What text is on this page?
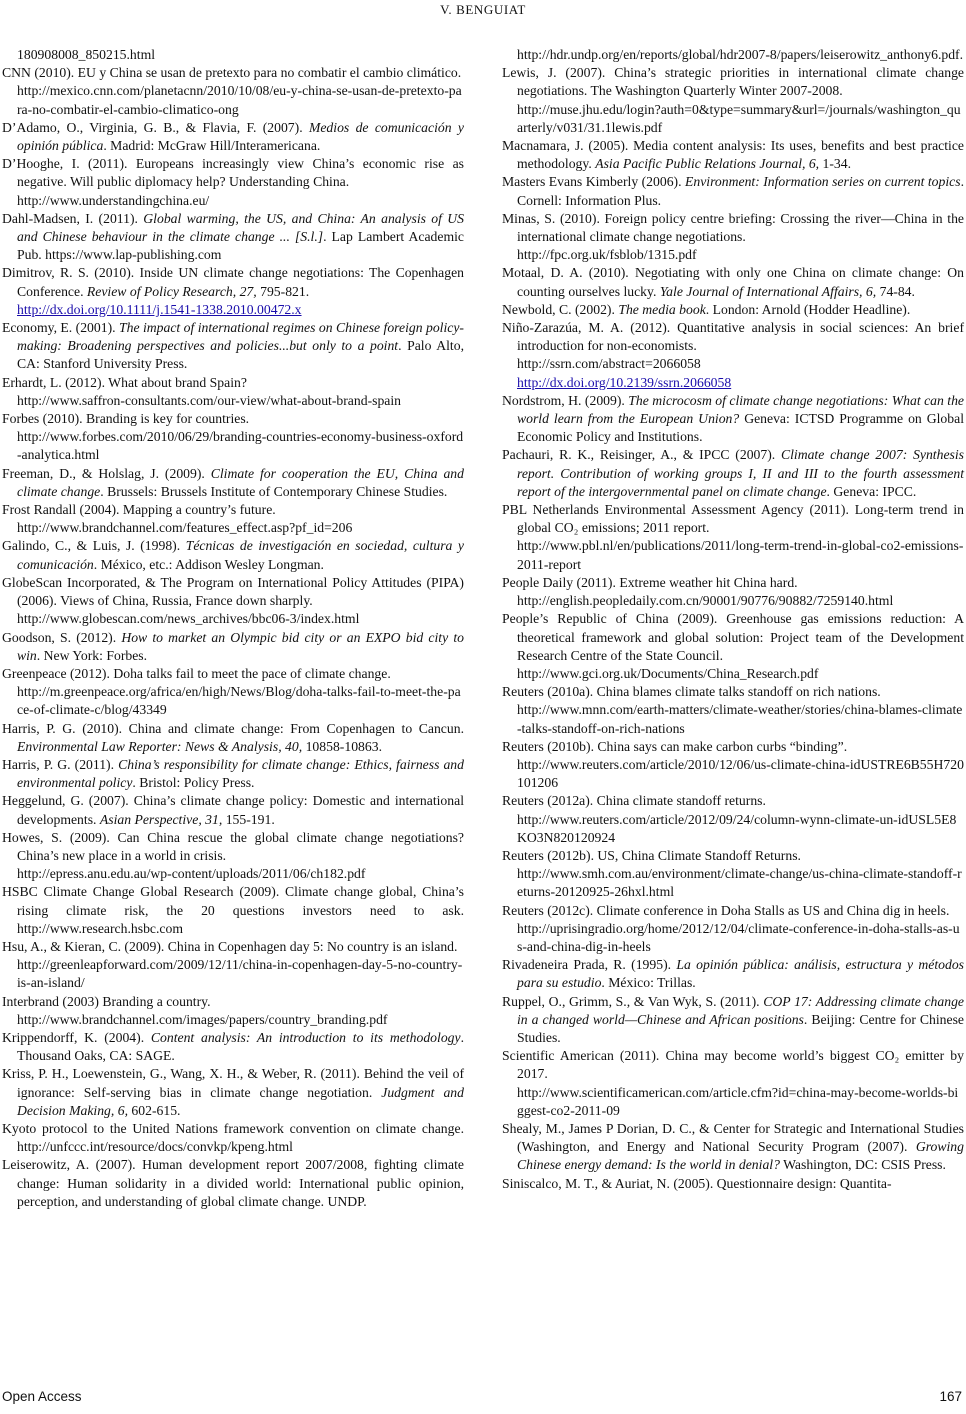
V. BENGUIAT

180908008_850215.html

CNN (2010). EU y China se usan de pretexto para no combatir el cambio climático.
http://mexico.cnn.com/planetacnn/2010/10/08/eu-y-china-se-usan-de-pretexto-para-no-combatir-el-cambio-climatico-ong

D’Adamo, O., Virginia, G. B., & Flavia, F. (2007). Medios de comunicación y opinión pública. Madrid: McGraw Hill/Interamericana.

D’Hooghe, I. (2011). Europeans increasingly view China’s economic rise as negative. Will public diplomacy help? Understanding China.
http://www.understandingchina.eu/

Dahl-Madsen, I. (2011). Global warming, the US, and China: An analysis of US and Chinese behaviour in the climate change ... [S.l.]. Lap Lambert Academic Pub. https://www.lap-publishing.com

Dimitrov, R. S. (2010). Inside UN climate change negotiations: The Copenhagen Conference. Review of Policy Research, 27, 795-821.
http://dx.doi.org/10.1111/j.1541-1338.2010.00472.x

Economy, E. (2001). The impact of international regimes on Chinese foreign policy-making: Broadening perspectives and policies...but only to a point. Palo Alto, CA: Stanford University Press.

Erhardt, L. (2012). What about brand Spain?
http://www.saffron-consultants.com/our-view/what-about-brand-spain

Forbes (2010). Branding is key for countries.
http://www.forbes.com/2010/06/29/branding-countries-economy-business-oxford-analytica.html

Freeman, D., & Holslag, J. (2009). Climate for cooperation the EU, China and climate change. Brussels: Brussels Institute of Contemporary Chinese Studies.

Frost Randall (2004). Mapping a country’s future.
http://www.brandchannel.com/features_effect.asp?pf_id=206

Galindo, C., & Luis, J. (1998). Técnicas de investigación en sociedad, cultura y comunicación. México, etc.: Addison Wesley Longman.

GlobeScan Incorporated, & The Program on International Policy Attitudes (PIPA) (2006). Views of China, Russia, France down sharply.
http://www.globescan.com/news_archives/bbc06-3/index.html

Goodson, S. (2012). How to market an Olympic bid city or an EXPO bid city to win. New York: Forbes.

Greenpeace (2012). Doha talks fail to meet the pace of climate change.
http://m.greenpeace.org/africa/en/high/News/Blog/doha-talks-fail-to-meet-the-pace-of-climate-c/blog/43349

Harris, P. G. (2010). China and climate change: From Copenhagen to Cancun. Environmental Law Reporter: News & Analysis, 40, 10858-10863.

Harris, P. G. (2011). China’s responsibility for climate change: Ethics, fairness and environmental policy. Bristol: Policy Press.

Heggelund, G. (2007). China’s climate change policy: Domestic and international developments. Asian Perspective, 31, 155-191.

Howes, S. (2009). Can China rescue the global climate change negotiations? China’s new place in a world in crisis.
http://epress.anu.edu.au/wp-content/uploads/2011/06/ch182.pdf

HSBC Climate Change Global Research (2009). Climate change global, China’s rising climate risk, the 20 questions investors need to ask. http://www.research.hsbc.com

Hsu, A., & Kieran, C. (2009). China in Copenhagen day 5: No country is an island.
http://greenleapforward.com/2009/12/11/china-in-copenhagen-day-5-no-country-is-an-island/

Interbrand (2003) Branding a country.
http://www.brandchannel.com/images/papers/country_branding.pdf

Krippendorff, K. (2004). Content analysis: An introduction to its methodology. Thousand Oaks, CA: SAGE.

Kriss, P. H., Loewenstein, G., Wang, X. H., & Weber, R. (2011). Behind the veil of ignorance: Self-serving bias in climate change negotiation. Judgment and Decision Making, 6, 602-615.

Kyoto protocol to the United Nations framework convention on climate change. http://unfccc.int/resource/docs/convkp/kpeng.html

Leiserowitz, A. (2007). Human development report 2007/2008, fighting climate change: Human solidarity in a divided world: International public opinion, perception, and understanding of global climate change. UNDP.

http://hdr.undp.org/en/reports/global/hdr2007-8/papers/leiserowitz_anthony6.pdf.

Lewis, J. (2007). China’s strategic priorities in international climate change negotiations. The Washington Quarterly Winter 2007-2008.
http://muse.jhu.edu/login?auth=0&type=summary&url=/journals/washington_quarterly/v031/31.1lewis.pdf

Macnamara, J. (2005). Media content analysis: Its uses, benefits and best practice methodology. Asia Pacific Public Relations Journal, 6, 1-34.

Masters Evans Kimberly (2006). Environment: Information series on current topics. Cornell: Information Plus.

Minas, S. (2010). Foreign policy centre briefing: Crossing the river—China in the international climate change negotiations.
http://fpc.org.uk/fsblob/1315.pdf

Motaal, D. A. (2010). Negotiating with only one China on climate change: On counting ourselves lucky. Yale Journal of International Affairs, 6, 74-84.

Newbold, C. (2002). The media book. London: Arnold (Hodder Headline).

Niño-Zarazúa, M. A. (2012). Quantitative analysis in social sciences: An brief introduction for non-economists.
http://ssrn.com/abstract=2066058
http://dx.doi.org/10.2139/ssrn.2066058

Nordstrom, H. (2009). The microcosm of climate change negotiations: What can the world learn from the European Union? Geneva: ICTSD Programme on Global Economic Policy and Institutions.

Pachauri, R. K., Reisinger, A., & IPCC (2007). Climate change 2007: Synthesis report. Contribution of working groups I, II and III to the fourth assessment report of the intergovernmental panel on climate change. Geneva: IPCC.

PBL Netherlands Environmental Assessment Agency (2011). Long-term trend in global CO₂ emissions; 2011 report.
http://www.pbl.nl/en/publications/2011/long-term-trend-in-global-co2-emissions-2011-report

People Daily (2011). Extreme weather hit China hard.
http://english.peopledaily.com.cn/90001/90776/90882/7259140.html

People’s Republic of China (2009). Greenhouse gas emissions reduction: A theoretical framework and global solution: Project team of the Development Research Centre of the State Council.
http://www.gci.org.uk/Documents/China_Research.pdf

Reuters (2010a). China blames climate talks standoff on rich nations.
http://www.mnn.com/earth-matters/climate-weather/stories/china-blames-climate-talks-standoff-on-rich-nations

Reuters (2010b). China says can make carbon curbs “binding”.
http://www.reuters.com/article/2010/12/06/us-climate-china-idUSTRE6B55H720101206

Reuters (2012a). China climate standoff returns.
http://www.reuters.com/article/2012/09/24/column-wynn-climate-un-idUSL5E8KO3N820120924

Reuters (2012b). US, China Climate Standoff Returns.
http://www.smh.com.au/environment/climate-change/us-china-climate-standoff-returns-20120925-26hxl.html

Reuters (2012c). Climate conference in Doha Stalls as US and China dig in heels.
http://uprisingradio.org/home/2012/12/04/climate-conference-in-doha-stalls-as-us-and-china-dig-in-heels

Rivadeneira Prada, R. (1995). La opinión pública: análisis, estructura y métodos para su estudio. México: Trillas.

Ruppel, O., Grimm, S., & Van Wyk, S. (2011). COP 17: Addressing climate change in a changed world—Chinese and African positions. Beijing: Centre for Chinese Studies.

Scientific American (2011). China may become world’s biggest CO₂ emitter by 2017.
http://www.scientificamerican.com/article.cfm?id=china-may-become-worlds-biggest-co2-2011-09

Shealy, M., James P Dorian, D. C., & Center for Strategic and International Studies (Washington, and Energy and National Security Program (2007). Growing Chinese energy demand: Is the world in denial? Washington, DC: CSIS Press.

Siniscalco, M. T., & Auriat, N. (2005). Questionnaire design: Quantita-

Open Access	167
